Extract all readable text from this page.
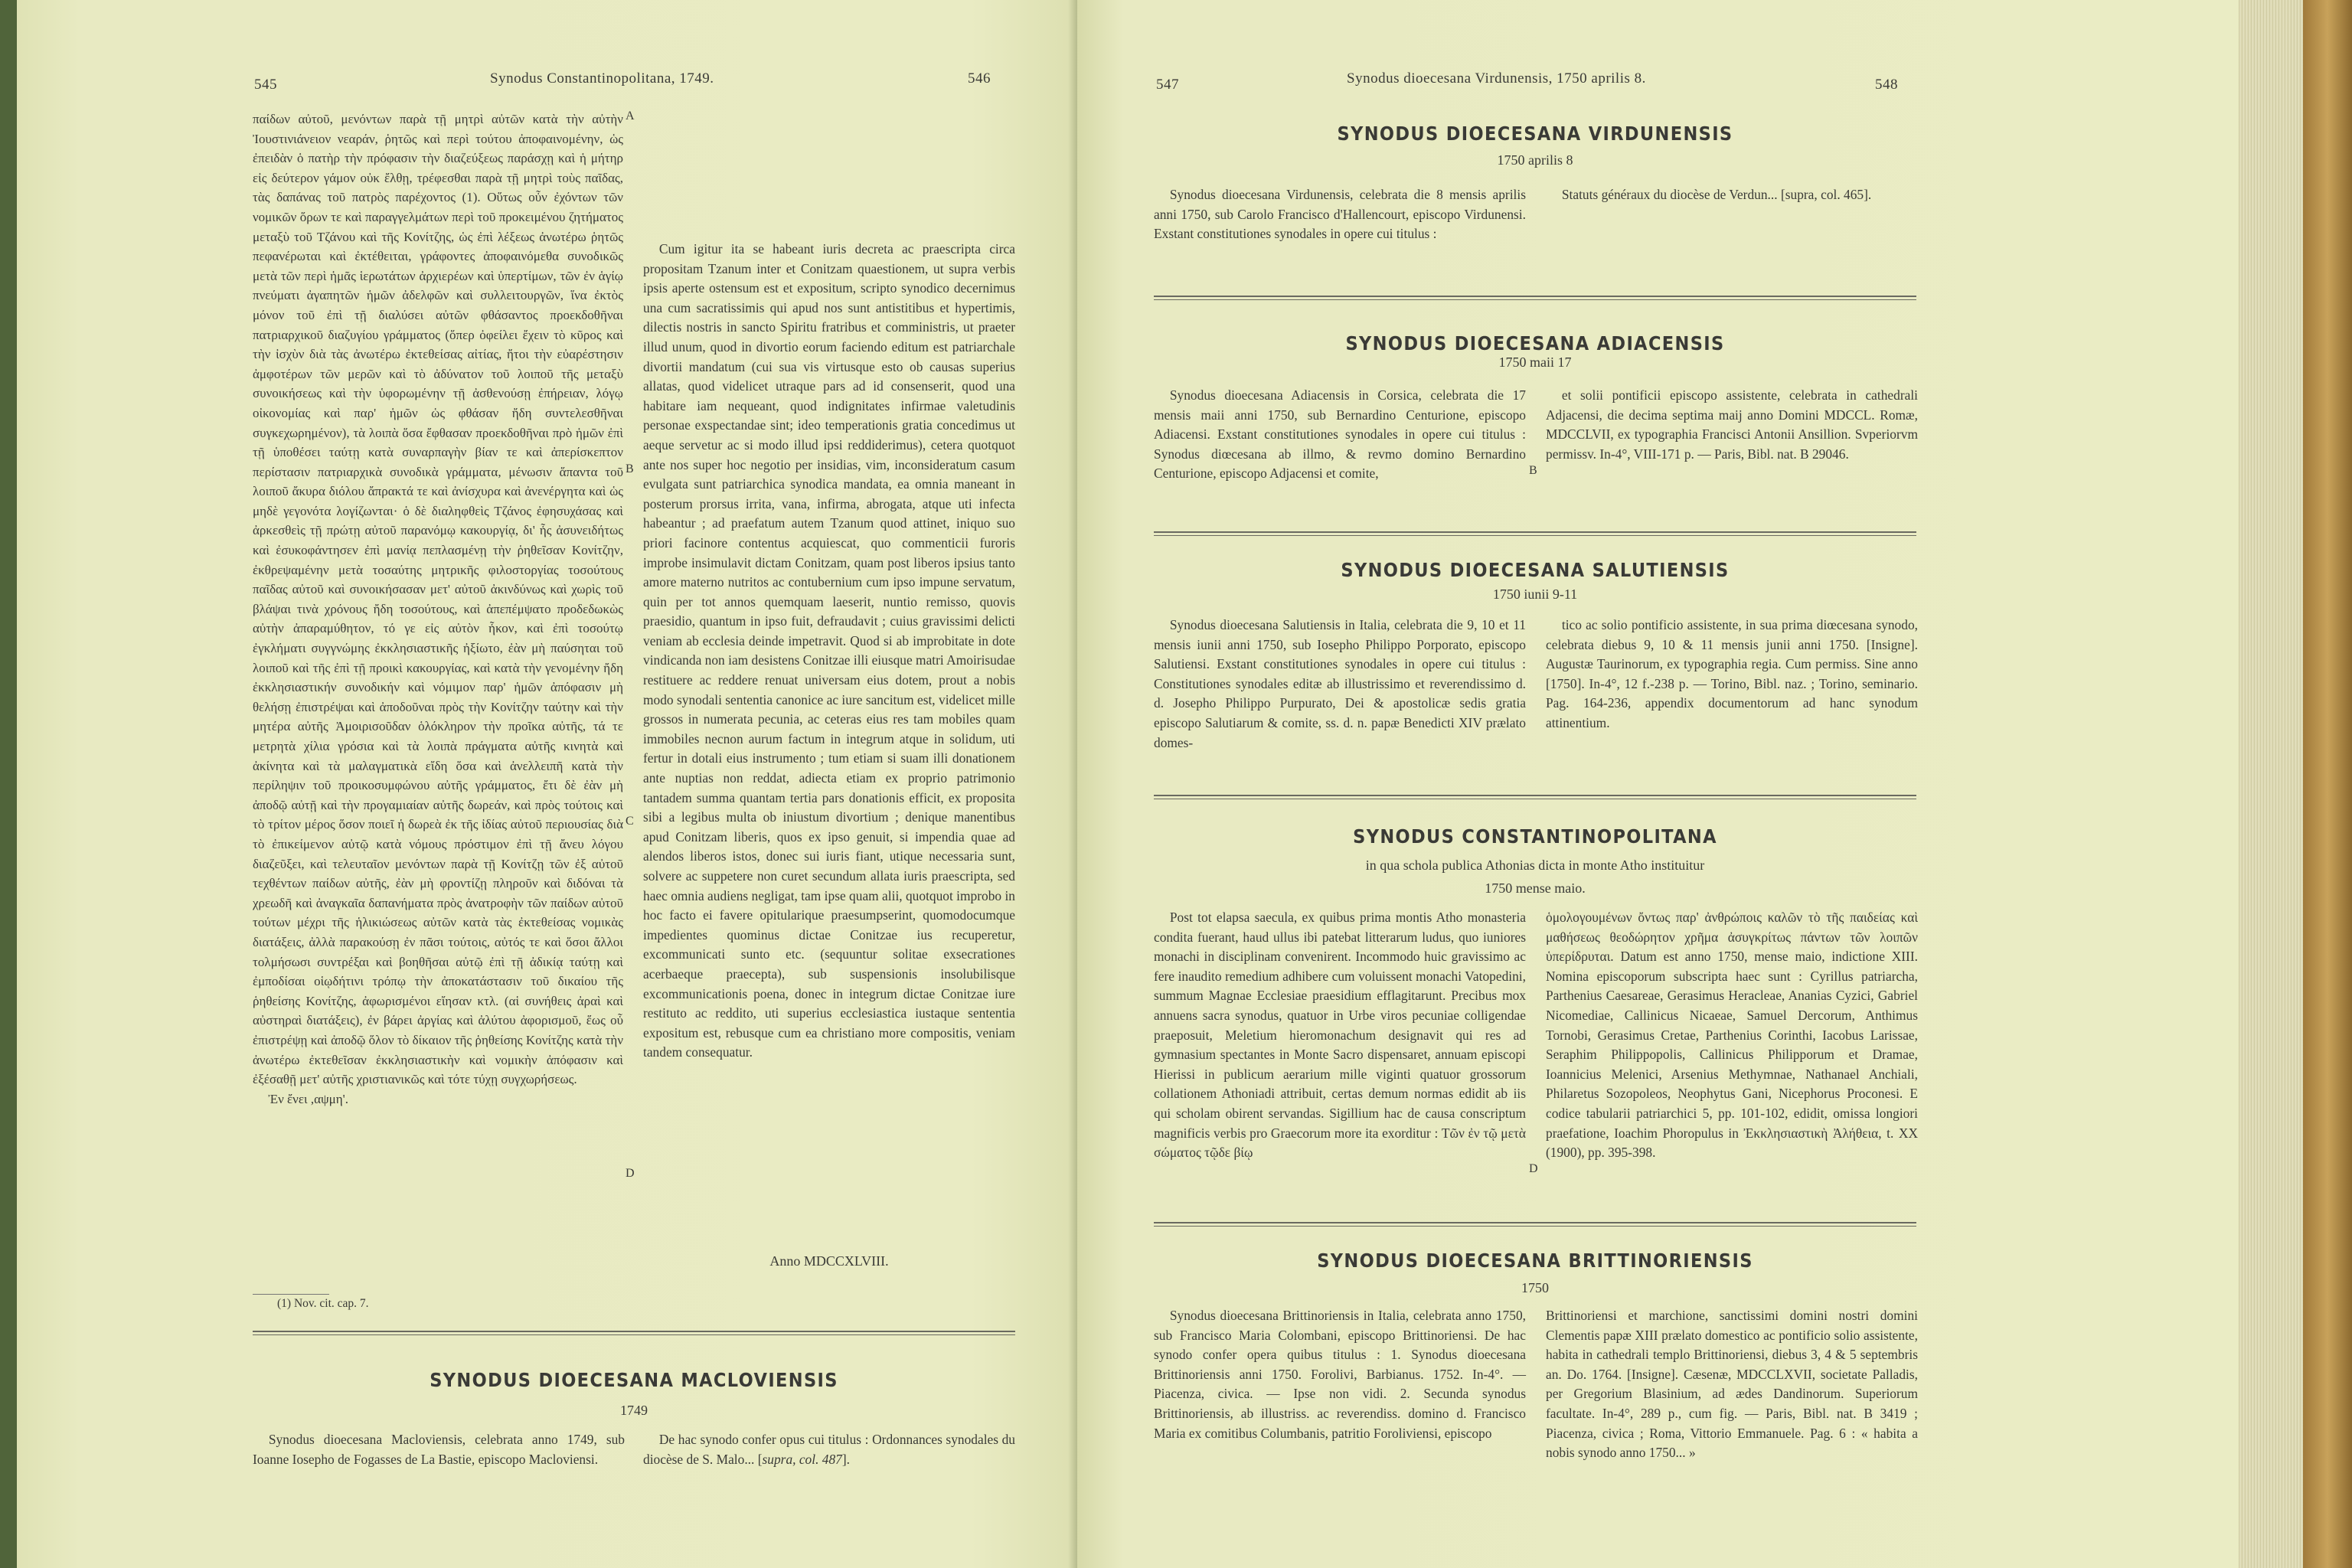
545	Synodus Constantinopolitana, 1749.	546

παίδων αὐτοῦ, μενόντων παρὰ τῇ μητρὶ αὐτῶν κατὰ τὴν αὐτὴν Ἰουστινιάνειον νεαράν, ῥητῶς καὶ περὶ τούτου ἀποφαινομένην, ὡς ἐπειδὰν ὁ πατὴρ τὴν πρόφασιν τὴν διαζεύξεως παράσχῃ καὶ ἡ μήτηρ εἰς δεύτερον γάμον οὐκ ἔλθῃ, τρέφεσθαι παρὰ τῇ μητρὶ τοὺς παῖδας, τὰς δαπάνας τοῦ πατρὸς παρέχοντος (1). Οὕτως οὖν ἐχόντων τῶν νομικῶν ὅρων τε καὶ παραγγελμάτων περὶ τοῦ προκειμένου ζητήματος μεταξὺ τοῦ Τζάνου καὶ τῆς Κονίτζης, ὡς ἐπὶ λέξεως ἀνωτέρω ῥητῶς πεφανέρωται καὶ ἐκτέθειται, γράφοντες ἀποφαινόμεθα συνοδικῶς μετὰ τῶν περὶ ἡμᾶς ἱερωτάτων ἀρχιερέων καὶ ὑπερτίμων, τῶν ἐν ἁγίῳ πνεύματι ἀγαπητῶν ἡμῶν ἀδελφῶν καὶ συλλειτουργῶν, ἵνα ἐκτὸς μόνον τοῦ ἐπὶ τῇ διαλύσει αὐτῶν φθάσαντος προεκδοθῆναι πατριαρχικοῦ διαζυγίου γράμματος (ὅπερ ὀφείλει ἔχειν τὸ κῦρος καὶ τὴν ἰσχὺν διὰ τὰς ἀνωτέρω ἐκτεθείσας αἰτίας, ἤτοι τὴν εὐαρέστησιν ἀμφοτέρων τῶν μερῶν καὶ τὸ ἀδύνατον τοῦ λοιποῦ τῆς μεταξὺ συνοικήσεως καὶ τὴν ὑφορωμένην τῇ ἀσθενούσῃ ἐπήρειαν, λόγῳ οἰκονομίας καὶ παρ' ἡμῶν ὡς φθάσαν ἤδη συντελεσθῆναι συγκεχωρημένον), τὰ λοιπὰ ὅσα ἔφθασαν προεκδοθῆναι πρὸ ἡμῶν ἐπὶ τῇ ὑποθέσει ταύτῃ κατὰ συναρπαγὴν βίαν τε καὶ ἀπερίσκεπτον περίστασιν πατριαρχικὰ συνοδικὰ γράμματα, μένωσιν ἅπαντα τοῦ λοιποῦ ἄκυρα διόλου ἄπρακτά τε καὶ ἀνίσχυρα καὶ ἀνενέργητα καὶ ὡς μηδὲ γεγονότα λογίζωνται· ὁ δὲ διαληφθεὶς Τζάνος ἐφησυχάσας καὶ ἀρκεσθεὶς τῇ πρώτῃ αὐτοῦ παρανόμῳ κακουργίᾳ, δι' ἧς ἀσυνειδήτως καὶ ἐσυκοφάντησεν ἐπὶ μανίᾳ πεπλασμένῃ τὴν ῥηθεῖσαν Κονίτζην, ἐκθρεψαμένην μετὰ τοσαύτης μητρικῆς φιλοστοργίας τοσούτους παῖδας αὐτοῦ καὶ συνοικήσασαν μετ' αὐτοῦ ἀκινδύνως καὶ χωρὶς τοῦ βλάψαι τινὰ χρόνους ἤδη τοσούτους, καὶ ἀπεπέμψατο προδεδωκὼς αὐτὴν ἀπαραμύθητον, τό γε εἰς αὐτὸν ἧκον, καὶ ἐπὶ τοσούτῳ ἐγκλήματι συγγνώμης ἐκκλησιαστικῆς ἠξίωτο, ἐὰν μὴ παύσηται τοῦ λοιποῦ καὶ τῆς ἐπὶ τῇ προικὶ κακουργίας, καὶ κατὰ τὴν γενομένην ἤδη ἐκκλησιαστικήν συνοδικήν καὶ νόμιμον παρ' ἡμῶν ἀπόφασιν μὴ θελήσῃ ἐπιστρέψαι καὶ ἀποδοῦναι πρὸς τὴν Κονίτζην ταύτην καὶ τὴν μητέρα αὐτῆς Ἀμοιρισοῦδαν ὁλόκληρον τὴν προῖκα αὐτῆς, τά τε μετρητὰ χίλια γρόσια καὶ τὰ λοιπὰ πράγματα αὐτῆς κινητὰ καὶ ἀκίνητα καὶ τὰ μαλαγματικὰ εἴδη ὅσα καὶ ἀνελλειπῆ κατὰ τὴν περίληψιν τοῦ προικοσυμφώνου αὐτῆς γράμματος, ἔτι δὲ ἐὰν μὴ ἀποδῷ αὐτῇ καὶ τὴν προγαμιαίαν αὐτῆς δωρεάν, καὶ πρὸς τούτοις καὶ τὸ τρίτον μέρος ὅσον ποιεῖ ἡ δωρεὰ ἐκ τῆς ἰδίας αὐτοῦ περιουσίας διὰ τὸ ἐπικείμενον αὐτῷ κατὰ νόμους πρόστιμον ἐπὶ τῇ ἄνευ λόγου διαζεῦξει, καὶ τελευταῖον μενόντων παρὰ τῇ Κονίτζῃ τῶν ἐξ αὐτοῦ τεχθέντων παίδων αὐτῆς, ἐὰν μὴ φροντίζῃ πληροῦν καὶ διδόναι τὰ χρεωδῆ καὶ ἀναγκαῖα δαπανήματα πρὸς ἀνατροφὴν τῶν παίδων αὐτοῦ τούτων μέχρι τῆς ἡλικιώσεως αὐτῶν κατὰ τὰς ἐκτεθείσας νομικὰς διατάξεις, ἀλλὰ παρακούσῃ ἐν πᾶσι τούτοις, αὐτός τε καὶ ὅσοι ἄλλοι τολμήσωσι συντρέξαι καὶ βοηθῆσαι αὐτῷ ἐπὶ τῇ ἀδικίᾳ ταύτῃ καὶ ἐμποδίσαι οἱῳδήτινι τρόπῳ τὴν ἀποκατάστασιν τοῦ δικαίου τῆς ῥηθείσης Κονίτζης, ἀφωρισμένοι εἴησαν κτλ. (αἱ συνήθεις ἀραὶ καὶ αὐστηραὶ διατάξεις), ἐν βάρει ἀργίας καὶ ἀλύτου ἀφορισμοῦ, ἕως οὗ ἐπιστρέψῃ καὶ ἀποδῷ ὅλον τὸ δίκαιον τῆς ῥηθείσης Κονίτζης κατὰ τὴν ἀνωτέρω ἐκτεθεῖσαν ἐκκλησιαστικὴν καὶ νομικὴν ἀπόφασιν καὶ ἐξέσαθῇ μετ' αὐτῆς χριστιανικῶς καὶ τότε τύχῃ συγχωρήσεως.

Ἐν ἔνει ,αψμη'.

Cum igitur ita se habeant iuris decreta ac praescripta circa propositam Tzanum inter et Conitzam quaestionem, ut supra verbis ipsis aperte ostensum est et expositum, scripto synodico decernimus una cum sacratissimis qui apud nos sunt antistitibus et hypertimis, dilectis nostris in sancto Spiritu fratribus et comministris, ut praeter illud unum, quod in divortio eorum faciendo editum est patriarchale divortii mandatum (cui sua vis virtusque esto ob causas superius allatas, quod videlicet utraque pars ad id consenserit, quod una habitare iam nequeant, quod indignitates infirmae valetudinis personae exspectandae sint; ideo temperationis gratia concedimus ut aeque servetur ac si modo illud ipsi reddiderimus), cetera quotquot ante nos super hoc negotio per insidias, vim, inconsideratum casum evulgata sunt patriarchica synodica mandata, ea omnia maneant in posterum prorsus irrita, vana, infirma, abrogata, atque uti infecta habeantur ; ad praefatum autem Tzanum quod attinet, iniquo suo priori facinore contentus acquiescat, quo commenticii furoris improbe insimulavit dictam Conitzam, quam post liberos ipsius tanto amore materno nutritos ac contubernium cum ipso impune servatum, quin per tot annos quemquam laeserit, nuntio remisso, quovis praesidio, quantum in ipso fuit, defraudavit ; cuius gravissimi delicti veniam ab ecclesia deinde impetravit. Quod si ab improbitate in dote vindicanda non iam desistens Conitzae illi eiusque matri Amoirisudae restituere ac reddere renuat universam eius dotem, prout a nobis modo synodali sententia canonice ac iure sancitum est, videlicet mille grossos in numerata pecunia, ac ceteras eius res tam mobiles quam immobiles necnon aurum factum in integrum atque in solidum, uti fertur in dotali eius instrumento ; tum etiam si suam illi donationem ante nuptias non reddat, adiecta etiam ex proprio patrimonio tantadem summa quantam tertia pars donationis efficit, ex proposita sibi a legibus multa ob iniustum divortium ; denique manentibus apud Conitzam liberis, quos ex ipso genuit, si impendia quae ad alendos liberos istos, donec sui iuris fiant, utique necessaria sunt, solvere ac suppetere non curet secundum allata iuris praescripta, sed haec omnia audiens negligat, tam ipse quam alii, quotquot improbo in hoc facto ei favere opitularique praesumpserint, quomodocumque impedientes quominus dictae Conitzae ius recuperetur, excommunicati sunto etc. (sequuntur solitae exsecrationes acerbaeque praecepta), sub suspensionis insolubilisque excommunicationis poena, donec in integrum dictae Conitzae iure restituto ac reddito, uti superius ecclesiastica iustaque sententia expositum est, rebusque cum ea christiano more compositis, veniam tandem consequatur.

Anno MDCCXLVIII.
A
B
C
D
(1) Nov. cit. cap. 7.
SYNODUS DIOECESANA MACLOVIENSIS
1749

Synodus dioecesana Macloviensis, celebrata anno 1749, sub Ioanne Iosepho de Fogasses de La Bastie, episcopo Macloviensi.

De hac synodo confer opus cui titulus : Ordonnances synodales du diocèse de S. Malo... [supra, col. 487].

547	Synodus dioecesana Virdunensis, 1750 aprilis 8.	548
SYNODUS DIOECESANA VIRDUNENSIS
1750 aprilis 8

Synodus dioecesana Virdunensis, celebrata die 8 mensis aprilis anni 1750, sub Carolo Francisco d'Hallencourt, episcopo Virdunensi. Exstant constitutiones synodales in opere cui titulus :

Statuts généraux du diocèse de Verdun... [supra, col. 465].

SYNODUS DIOECESANA ADIACENSIS
1750 maii 17

Synodus dioecesana Adiacensis in Corsica, celebrata die 17 mensis maii anni 1750, sub Bernardino Centurione, episcopo Adiacensi. Exstant constitutiones synodales in opere cui titulus : Synodus diœcesana ab illmo, & revmo domino Bernardino Centurione, episcopo Adjacensi et comite,

et solii pontificii episcopo assistente, celebrata in cathedrali Adjacensi, die decima septima maij anno Domini MDCCL. Romæ, MDCCLVII, ex typographia Francisci Antonii Ansillion. Svperiorvm permissv. In-4°, VIII-171 p. — Paris, Bibl. nat. B 29046.

B
SYNODUS DIOECESANA SALUTIENSIS
1750 iunii 9-11

Synodus dioecesana Salutiensis in Italia, celebrata die 9, 10 et 11 mensis iunii anni 1750, sub Iosepho Philippo Porporato, episcopo Salutiensi. Exstant constitutiones synodales in opere cui titulus : Constitutiones synodales editæ ab illustrissimo et reverendissimo d. d. Josepho Philippo Purpurato, Dei & apostolicæ sedis gratia episcopo Salutiarum & comite, ss. d. n. papæ Benedicti XIV prælato domes-

tico ac solio pontificio assistente, in sua prima diœcesana synodo, celebrata diebus 9, 10 & 11 mensis junii anni 1750. [Insigne]. Augustæ Taurinorum, ex typographia regia. Cum permiss. Sine anno [1750]. In-4°, 12 f.-238 p. — Torino, Bibl. naz. ; Torino, seminario. Pag. 164-236, appendix documentorum ad hanc synodum attinentium.

SYNODUS CONSTANTINOPOLITANA
in qua schola publica Athonias dicta in monte Atho instituitur
1750 mense maio.

Post tot elapsa saecula, ex quibus prima montis Atho monasteria condita fuerant, haud ullus ibi patebat litterarum ludus, quo iuniores monachi in disciplinam convenirent. Incommodo huic gravissimo ac fere inaudito remedium adhibere cum voluissent monachi Vatopedini, summum Magnae Ecclesiae praesidium efflagitarunt. Precibus mox annuens sacra synodus, quatuor in Urbe viros pecuniae colligendae praeposuit, Meletium hieromonachum designavit qui res ad gymnasium spectantes in Monte Sacro dispensaret, annuam episcopi Hierissi in publicum aerarium mille viginti quatuor grossorum collationem Athoniadi attribuit, certas demum normas edidit ab iis qui scholam obirent servandas. Sigillium hac de causa conscriptum magnificis verbis pro Graecorum more ita exorditur : Τῶν ἐν τῷ μετὰ σώματος τῷδε βίῳ

ὁμολογουμένων ὄντως παρ' ἀνθρώποις καλῶν τὸ τῆς παιδείας καὶ μαθήσεως θεοδώρητον χρῆμα ἀσυγκρίτως πάντων τῶν λοιπῶν ὑπερίδρυται. Datum est anno 1750, mense maio, indictione XIII. Nomina episcoporum subscripta haec sunt : Cyrillus patriarcha, Parthenius Caesareae, Gerasimus Heracleae, Ananias Cyzici, Gabriel Nicomediae, Callinicus Nicaeae, Samuel Dercorum, Anthimus Tornobi, Gerasimus Cretae, Parthenius Corinthi, Iacobus Larissae, Seraphim Philippopolis, Callinicus Philipporum et Dramae, Ioannicius Melenici, Arsenius Methymnae, Nathanael Anchiali, Philaretus Sozopoleos, Neophytus Gani, Nicephorus Proconesi. E codice tabularii patriarchici 5, pp. 101-102, edidit, omissa longiori praefatione, Ioachim Phoropulus in Ἐκκλησιαστικὴ Ἀλήθεια, t. XX (1900), pp. 395-398.

D
SYNODUS DIOECESANA BRITTINORIENSIS
1750

Synodus dioecesana Brittinoriensis in Italia, celebrata anno 1750, sub Francisco Maria Colombani, episcopo Brittinoriensi. De hac synodo confer opera quibus titulus : 1. Synodus dioecesana Brittinoriensis anni 1750. Forolivi, Barbianus. 1752. In-4°. — Piacenza, civica. — Ipse non vidi. 2. Secunda synodus Brittinoriensis, ab illustriss. ac reverendiss. domino d. Francisco Maria ex comitibus Columbanis, patritio Foroliviensi, episcopo

Brittinoriensi et marchione, sanctissimi domini nostri domini Clementis papæ XIII prælato domestico ac pontificio solio assistente, habita in cathedrali templo Brittinoriensi, diebus 3, 4 & 5 septembris an. Do. 1764. [Insigne]. Cæsenæ, MDCCLXVII, societate Palladis, per Gregorium Blasinium, ad ædes Dandinorum. Superiorum facultate. In-4°, 289 p., cum fig. — Paris, Bibl. nat. B 3419 ; Piacenza, civica ; Roma, Vittorio Emmanuele. Pag. 6 : « habita a nobis synodo anno 1750... »
